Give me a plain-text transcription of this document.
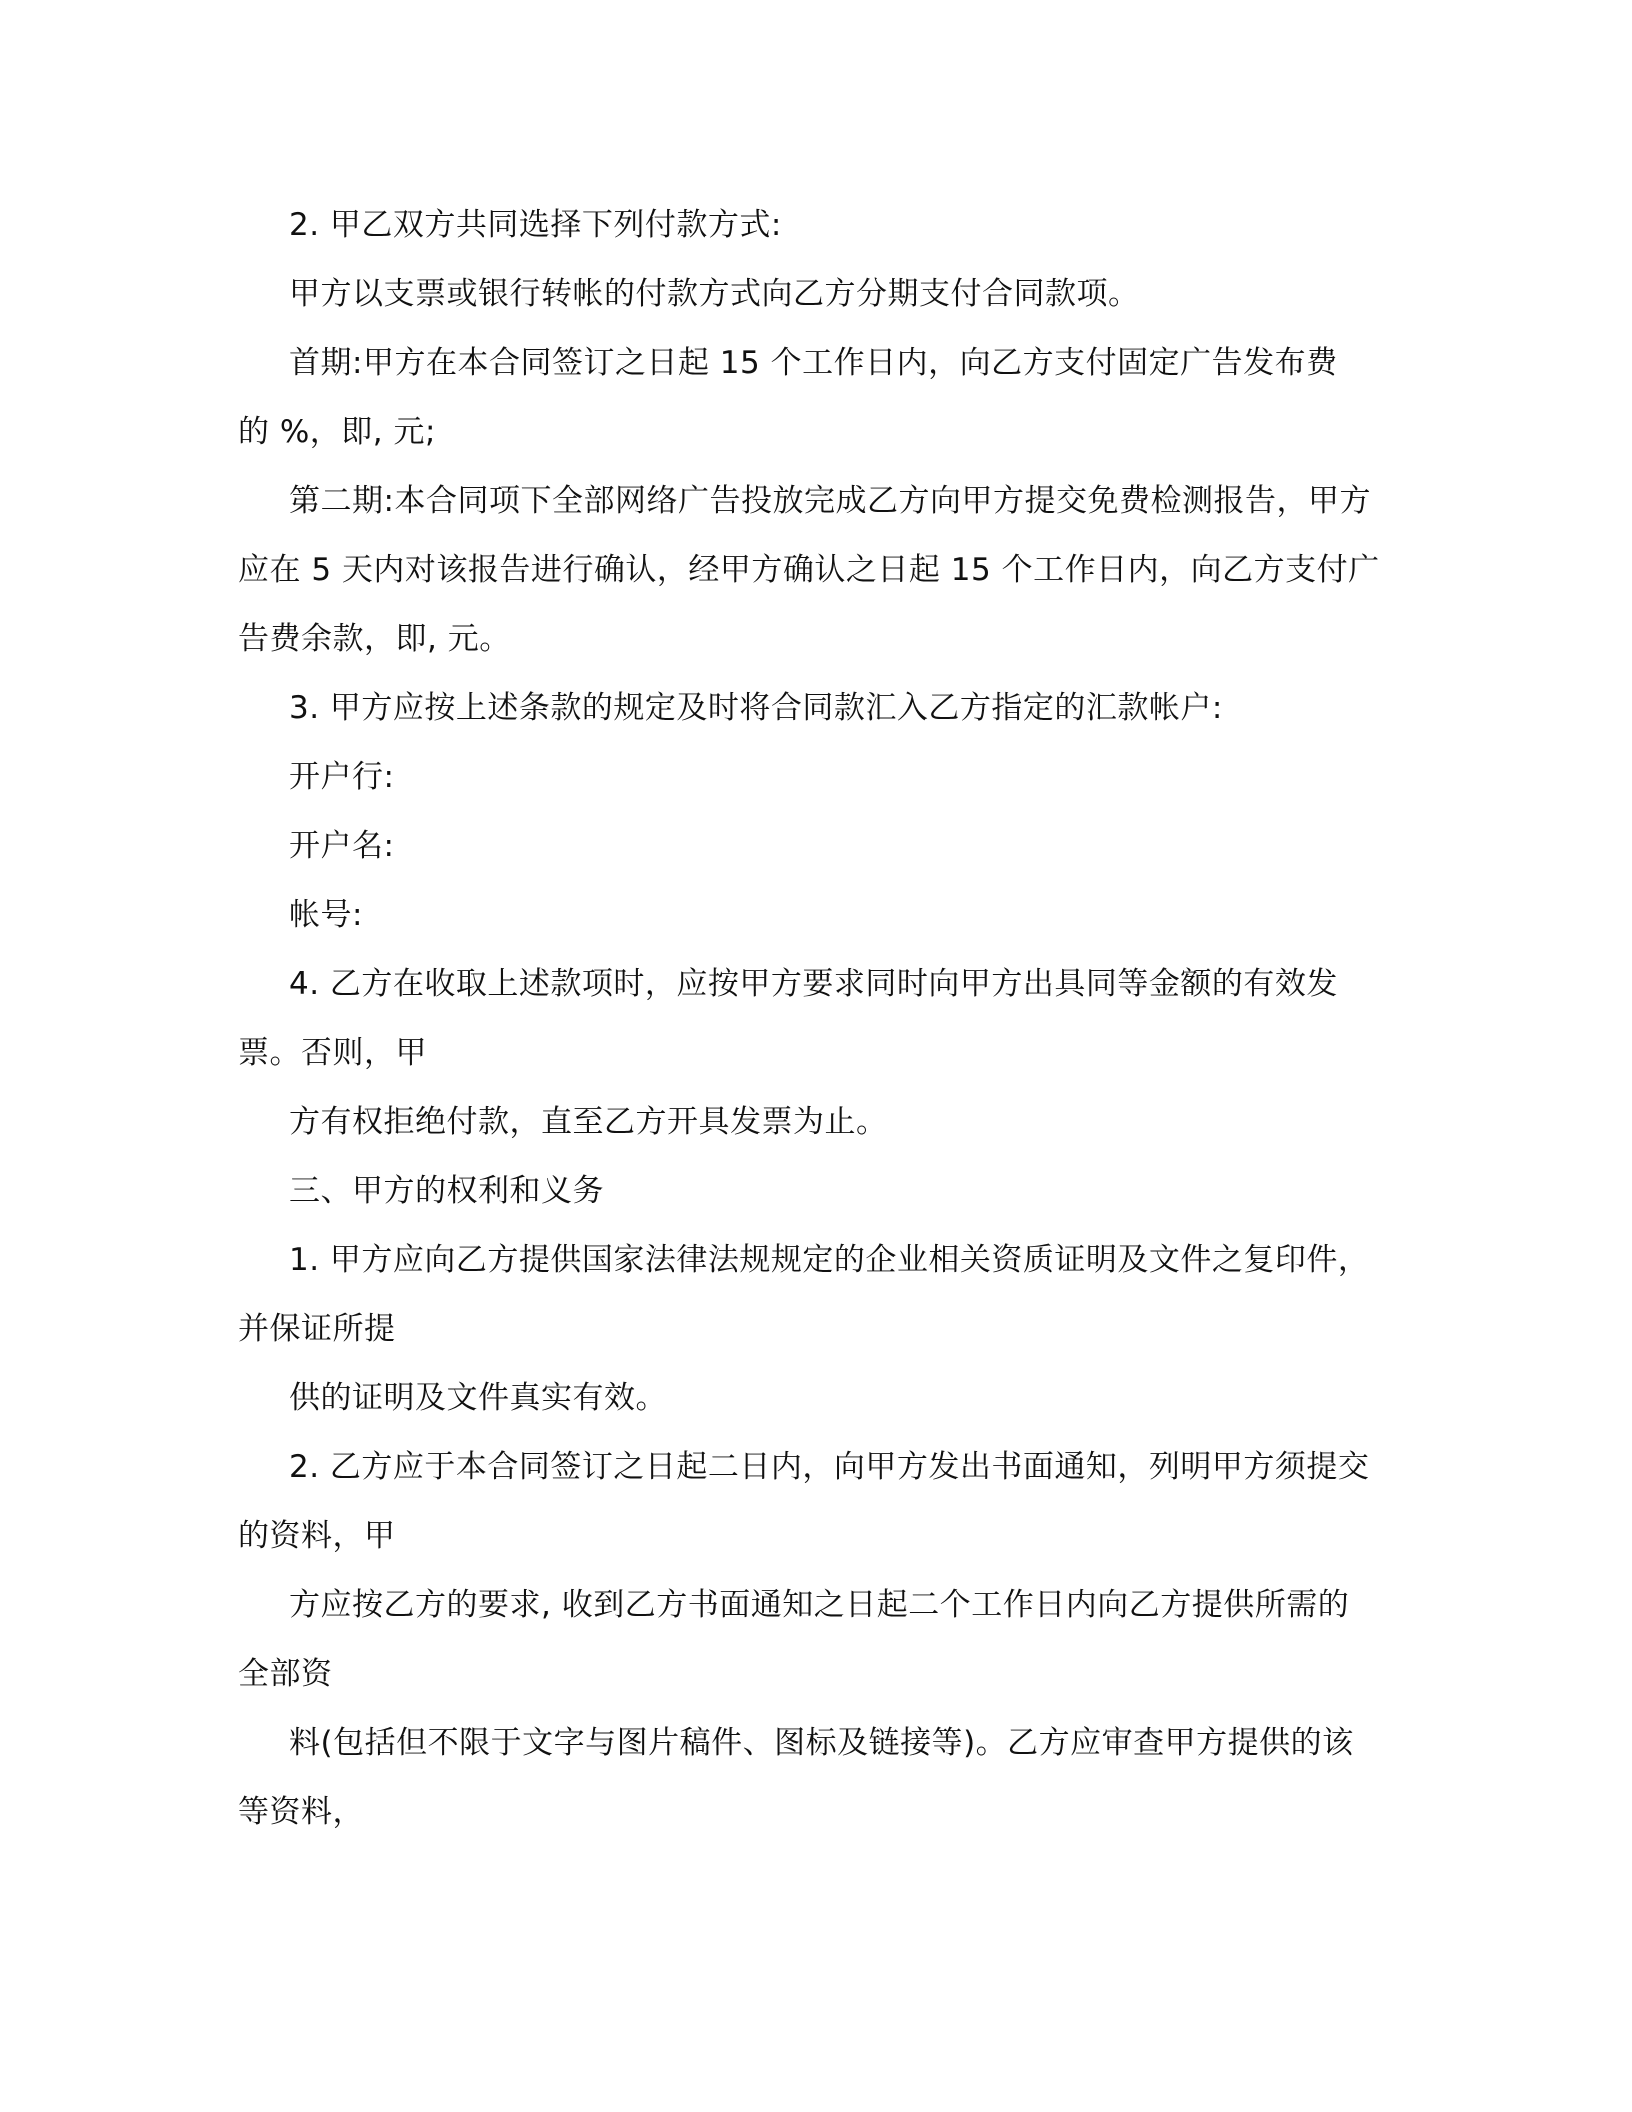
2. 甲乙双方共同选择下列付款方式:
甲方以支票或银行转帐的付款方式向乙方分期支付合同款项。
首期:甲方在本合同签订之日起 15 个工作日内，向乙方支付固定广告发布费
的 %，即, 元;
第二期:本合同项下全部网络广告投放完成乙方向甲方提交免费检测报告，甲方
应在 5 天内对该报告进行确认，经甲方确认之日起 15 个工作日内，向乙方支付广
告费余款，即, 元。
3. 甲方应按上述条款的规定及时将合同款汇入乙方指定的汇款帐户:
开户行:
开户名:
帐号:
4. 乙方在收取上述款项时，应按甲方要求同时向甲方出具同等金额的有效发
票。否则，甲
方有权拒绝付款，直至乙方开具发票为止。
三、甲方的权利和义务
1. 甲方应向乙方提供国家法律法规规定的企业相关资质证明及文件之复印件，
并保证所提
供的证明及文件真实有效。
2. 乙方应于本合同签订之日起二日内，向甲方发出书面通知，列明甲方须提交
的资料，甲
方应按乙方的要求, 收到乙方书面通知之日起二个工作日内向乙方提供所需的
全部资
料(包括但不限于文字与图片稿件、图标及链接等)。乙方应审查甲方提供的该
等资料，
